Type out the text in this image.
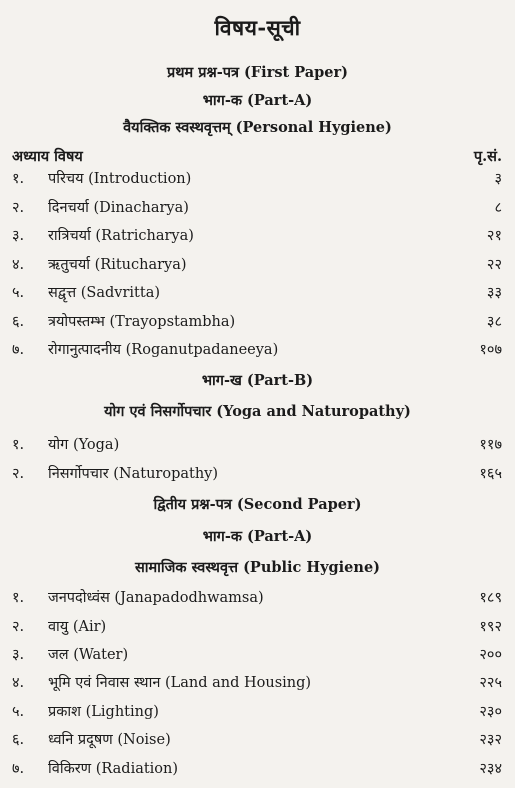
विषय-सूची
प्रथम प्रश्न-पत्र (First Paper)
भाग-क (Part-A)
वैयक्तिक स्वस्थवृत्तम् (Personal Hygiene)
अध्याय विषय	पृ.सं.
१. परिचय (Introduction)	३
२. दिनचर्या (Dinacharya)	८
३. रात्रिचर्या (Ratricharya)	२१
४. ऋतुचर्या (Ritucharya)	२२
५. सद्वृत्त (Sadvritta)	३३
६. त्रयोपस्तम्भ (Trayopstambha)	३८
७. रोगानुत्पादनीय (Roganutpadaneeya)	१०७
भाग-ख (Part-B)
योग एवं निसर्गोपचार (Yoga and Naturopathy)
१. योग (Yoga)	११७
२. निसर्गोपचार (Naturopathy)	१६५
द्वितीय प्रश्न-पत्र (Second Paper)
भाग-क (Part-A)
सामाजिक स्वस्थवृत्त (Public Hygiene)
१. जनपदोध्वंस (Janapadodhwamsa)	१८९
२. वायु (Air)	१९२
३. जल (Water)	२००
४. भूमि एवं निवास स्थान (Land and Housing)	२२५
५. प्रकाश (Lighting)	२३०
६. ध्वनि प्रदूषण (Noise)	२३२
७. विकिरण (Radiation)	२३४
